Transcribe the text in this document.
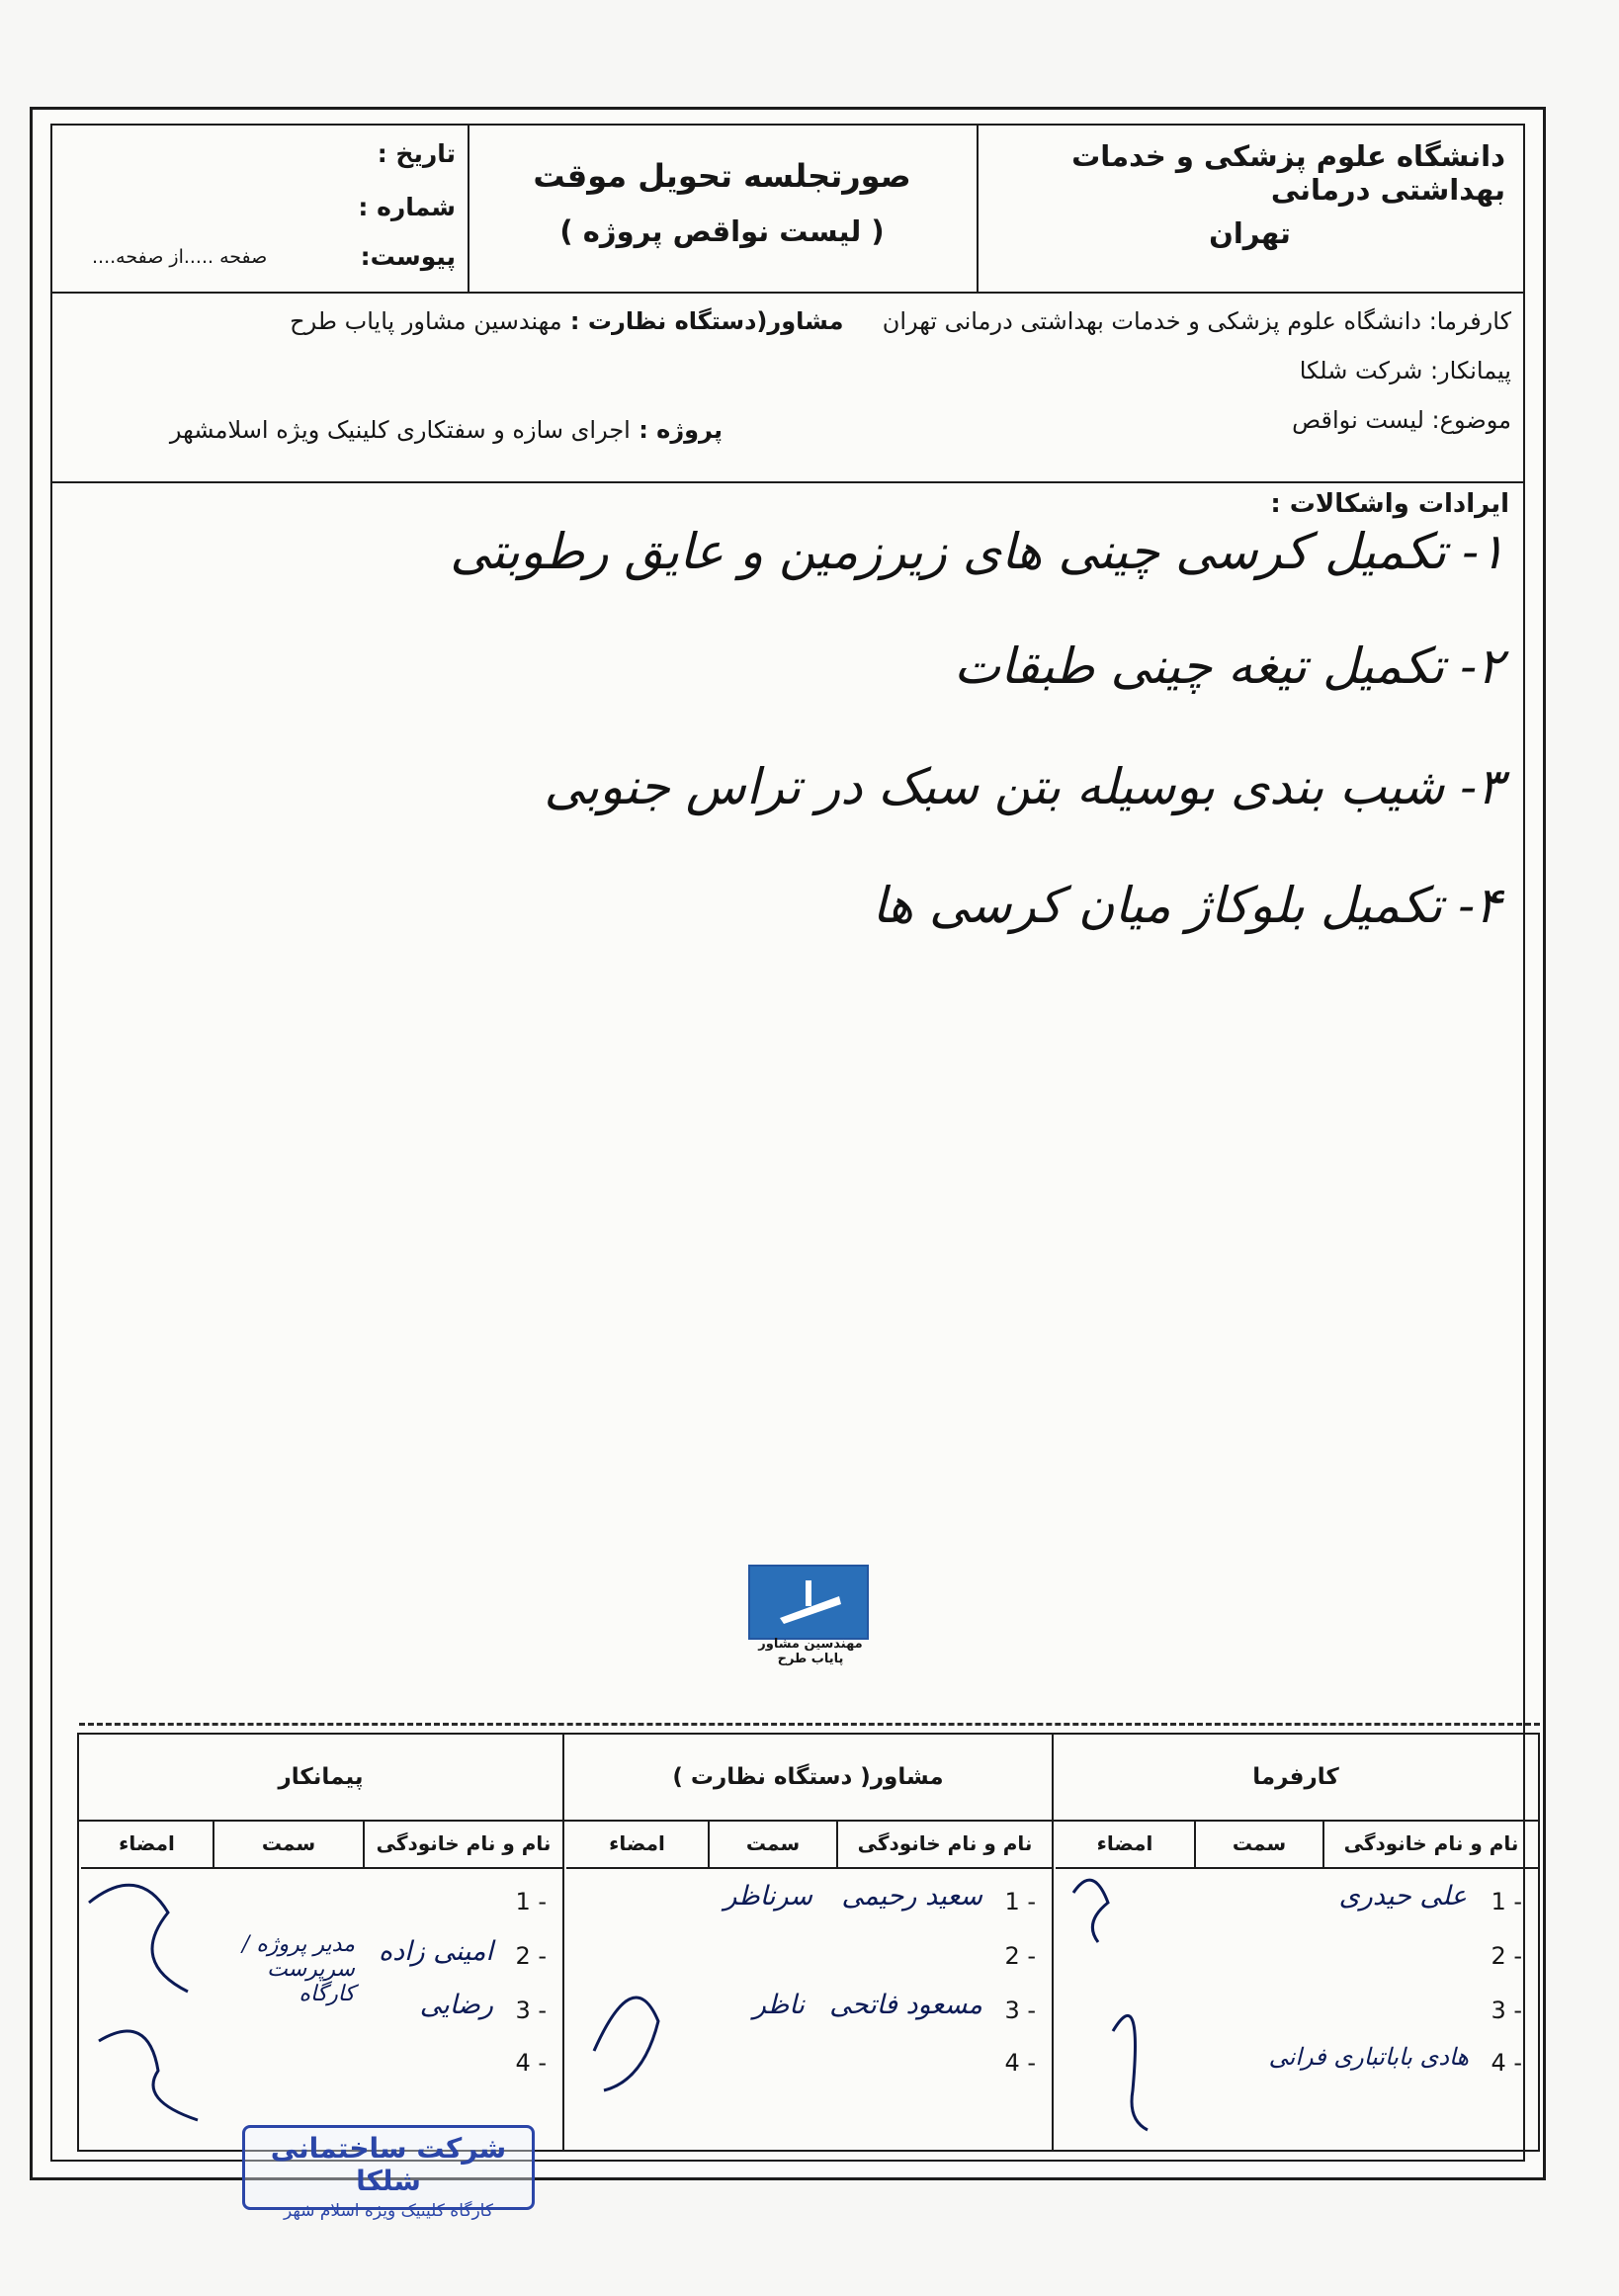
تاریخ :
شماره :
پیوست:
صفحه .....از صفحه....
صورتجلسه تحویل موقت
( لیست نواقص پروژه )
دانشگاه علوم پزشکی و خدمات بهداشتی درمانی
تهران
کارفرما: دانشگاه علوم پزشکی و خدمات بهداشتی درمانی تهران  مشاور(دستگاه نظارت : مهندسین مشاور پایاب طرح
پیمانکار: شرکت شلکا
موضوع: لیست نواقص
پروژه : اجرای سازه و سفتکاری کلینیک ویژه اسلامشهر
ایرادات واشکالات :
۱- تکمیل کرسی چینی های زیرزمین و عایق رطوبتی
۲- تکمیل تیغه چینی طبقات
۳- شیب بندی بوسیله بتن سبک در تراس جنوبی
۴- تکمیل بلوکاژ میان کرسی ها
مهندسین مشاور پایاب طرح
کارفرما
نام و نام خانودگی
سمت
امضاء
1 -
علی حیدری
2 -
3 -
4 -
هادی باباتباری فرانی
مشاور( دستگاه نظارت )
نام و نام خانودگی
سمت
امضاء
1 -
سعید رحیمی
سرناظر
2 -
3 -
مسعود فاتحی
ناظر
4 -
پیمانکار
نام و نام خانودگی
سمت
امضاء
1 -
2 -
امینی زاده
3 -
رضایی
4 -
مدیر پروژه / سرپرست کارگاه
شرکت ساختمانی شلکا
کارگاه کلینیک ویژه اسلام شهر
